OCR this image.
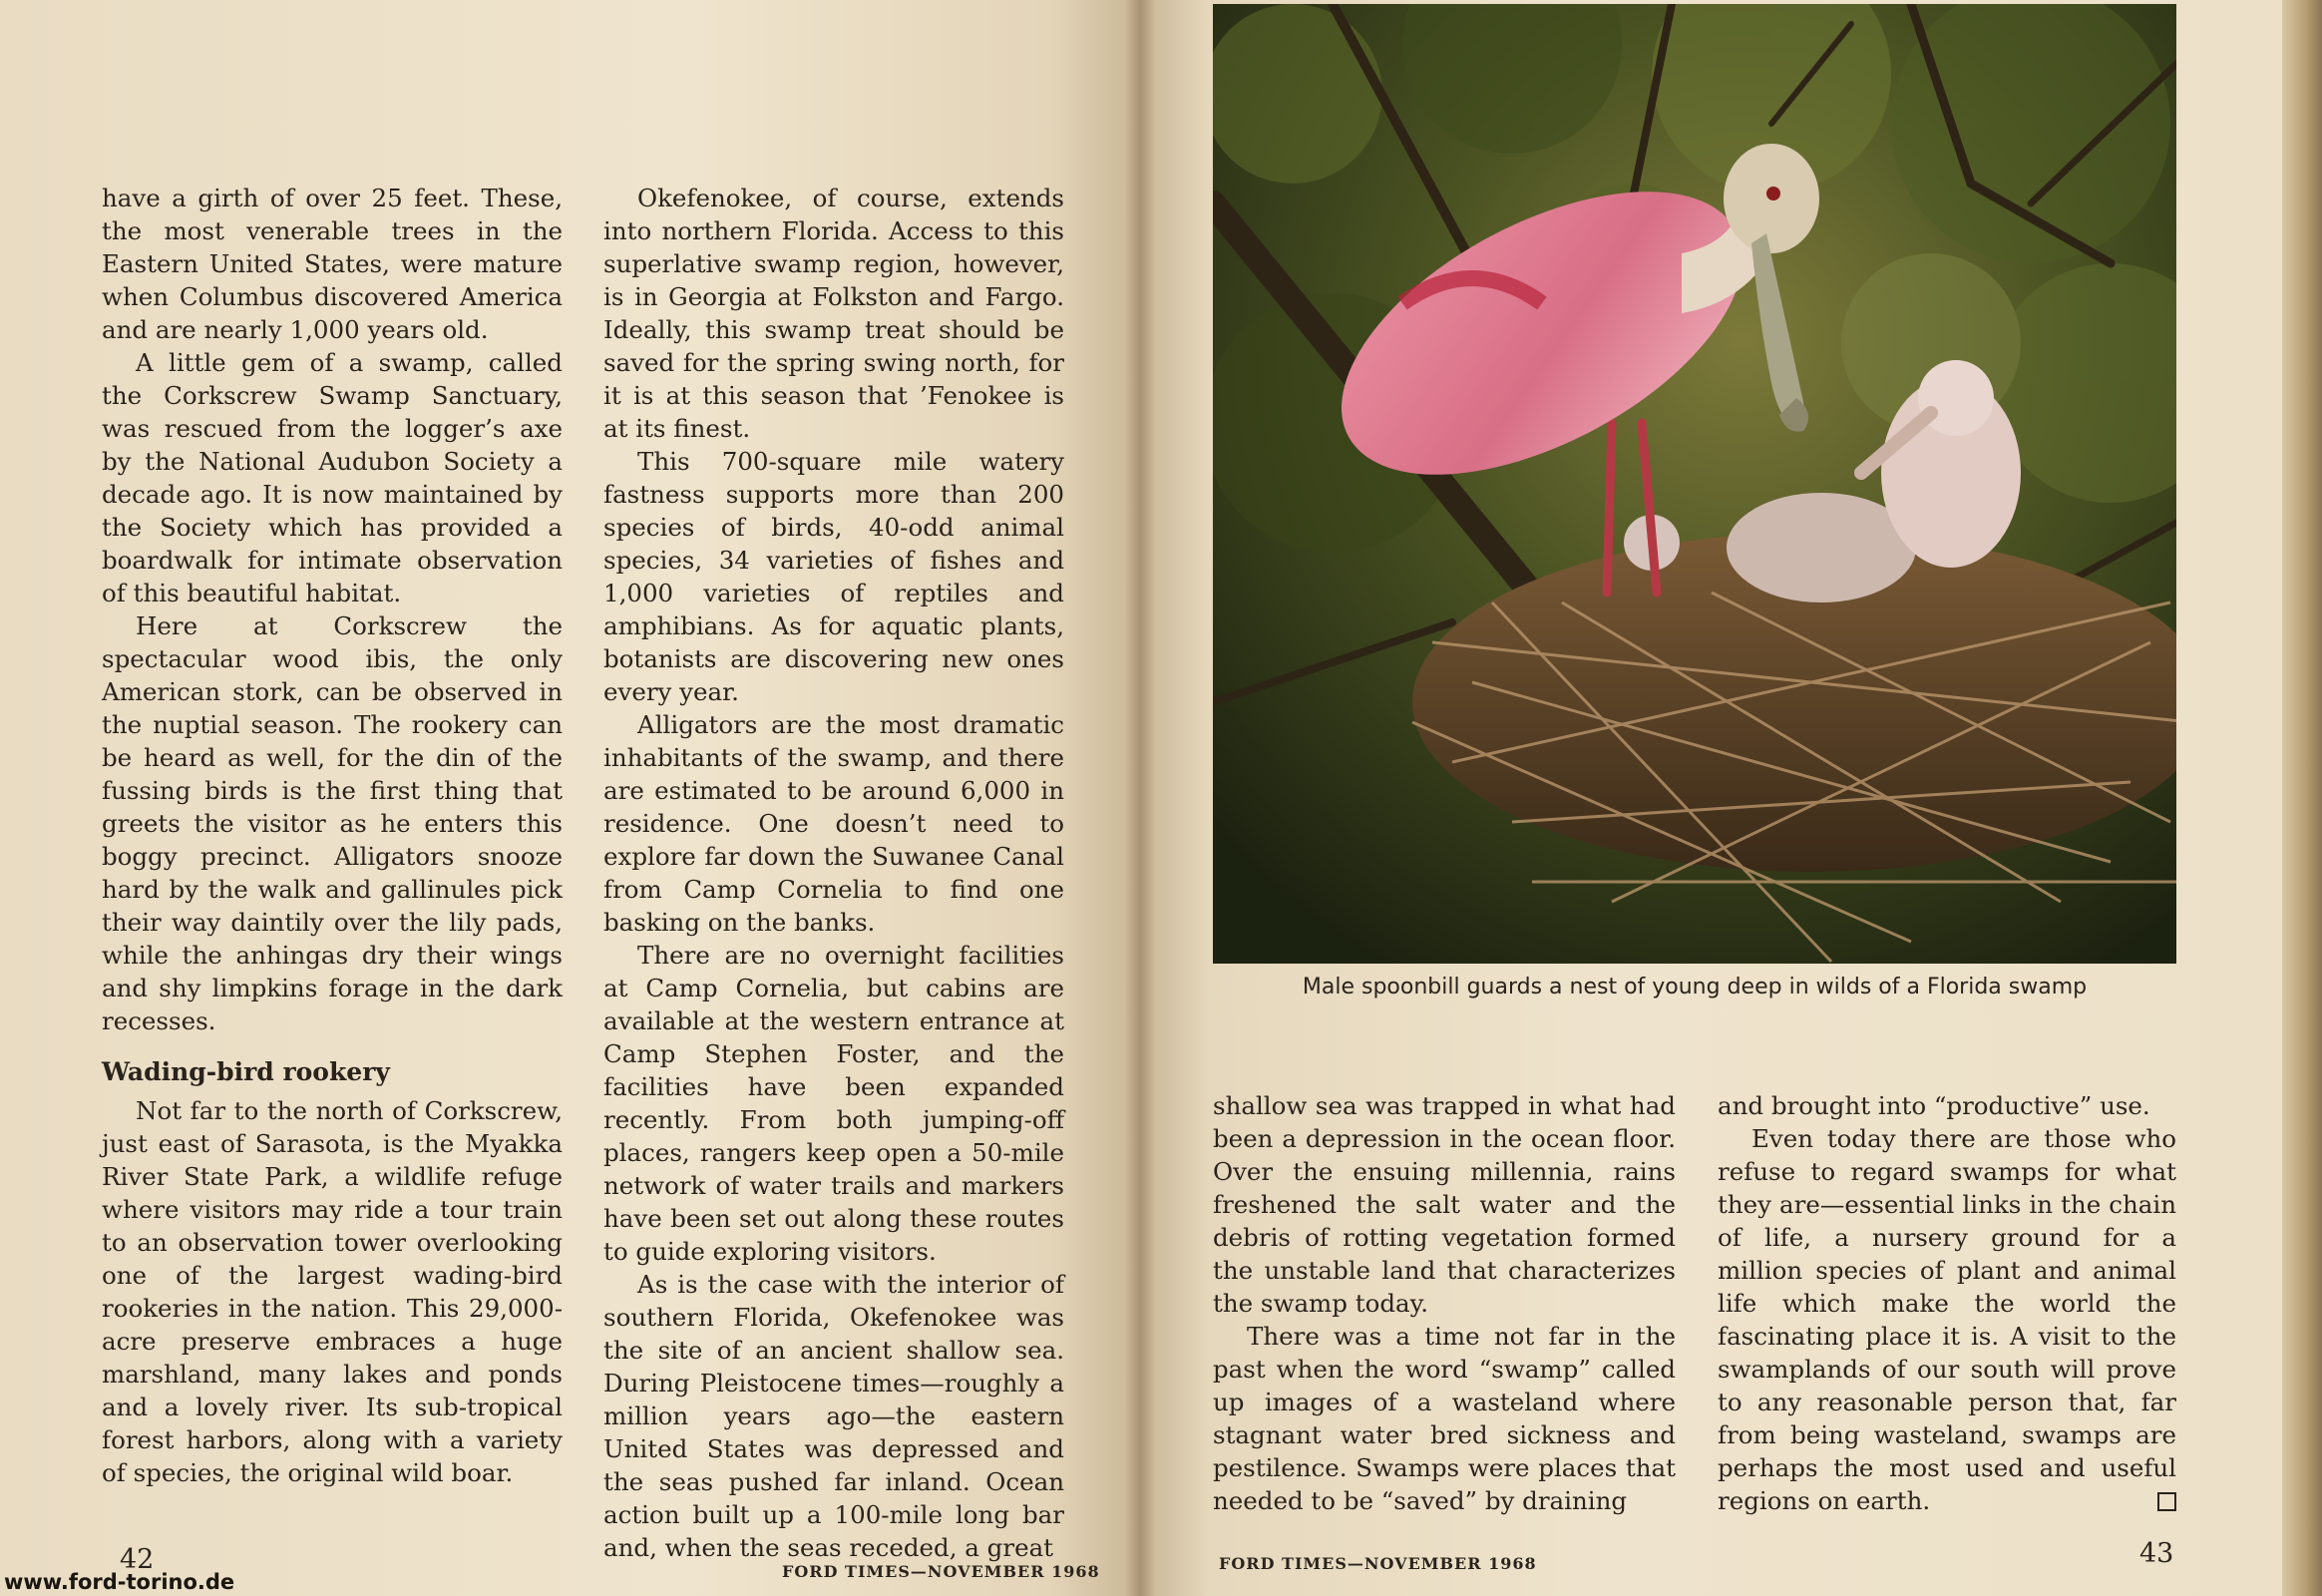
have a girth of over 25 feet. These, the most venerable trees in the Eastern United States, were mature when Columbus discovered America and are nearly 1,000 years old.

A little gem of a swamp, called the Corkscrew Swamp Sanctuary, was rescued from the logger’s axe by the National Audubon Society a decade ago. It is now maintained by the Society which has provided a boardwalk for intimate observation of this beautiful habitat.

Here at Corkscrew the spectacular wood ibis, the only American stork, can be observed in the nuptial season. The rookery can be heard as well, for the din of the fussing birds is the first thing that greets the visitor as he enters this boggy precinct. Alligators snooze hard by the walk and gallinules pick their way daintily over the lily pads, while the anhingas dry their wings and shy limpkins forage in the dark recesses.

Wading-bird rookery

Not far to the north of Corkscrew, just east of Sarasota, is the Myakka River State Park, a wildlife refuge where visitors may ride a tour train to an observation tower overlooking one of the largest wading-bird rookeries in the nation. This 29,000-acre preserve embraces a huge marshland, many lakes and ponds and a lovely river. Its sub-tropical forest harbors, along with a variety of species, the original wild boar.

Okefenokee, of course, extends into northern Florida. Access to this superlative swamp region, however, is in Georgia at Folkston and Fargo. Ideally, this swamp treat should be saved for the spring swing north, for it is at this season that ’Fenokee is at its finest.

This 700-square mile watery fastness supports more than 200 species of birds, 40-odd animal species, 34 varieties of fishes and 1,000 varieties of reptiles and amphibians. As for aquatic plants, botanists are discovering new ones every year.

Alligators are the most dramatic inhabitants of the swamp, and there are estimated to be around 6,000 in residence. One doesn’t need to explore far down the Suwanee Canal from Camp Cornelia to find one basking on the banks.

There are no overnight facilities at Camp Cornelia, but cabins are available at the western entrance at Camp Stephen Foster, and the facilities have been expanded recently. From both jumping-off places, rangers keep open a 50-mile network of water trails and markers have been set out along these routes to guide exploring visitors.

As is the case with the interior of southern Florida, Okefenokee was the site of an ancient shallow sea. During Pleistocene times—roughly a million years ago—the eastern United States was depressed and the seas pushed far inland. Ocean action built up a 100-mile long bar and, when the seas receded, a great

42	FORD TIMES—NOVEMBER 1968
www.ford-torino.de
Male spoonbill guards a nest of young deep in wilds of a Florida swamp

shallow sea was trapped in what had been a depression in the ocean floor. Over the ensuing millennia, rains freshened the salt water and the debris of rotting vegetation formed the unstable land that characterizes the swamp today.

There was a time not far in the past when the word “swamp” called up images of a wasteland where stagnant water bred sickness and pestilence. Swamps were places that needed to be “saved” by draining

and brought into “productive” use.

Even today there are those who refuse to regard swamps for what they are—essential links in the chain of life, a nursery ground for a million species of plant and animal life which make the world the fascinating place it is. A visit to the swamplands of our south will prove to any reasonable person that, far from being wasteland, swamps are perhaps the most used and useful regions on earth.

FORD TIMES—NOVEMBER 1968	43
